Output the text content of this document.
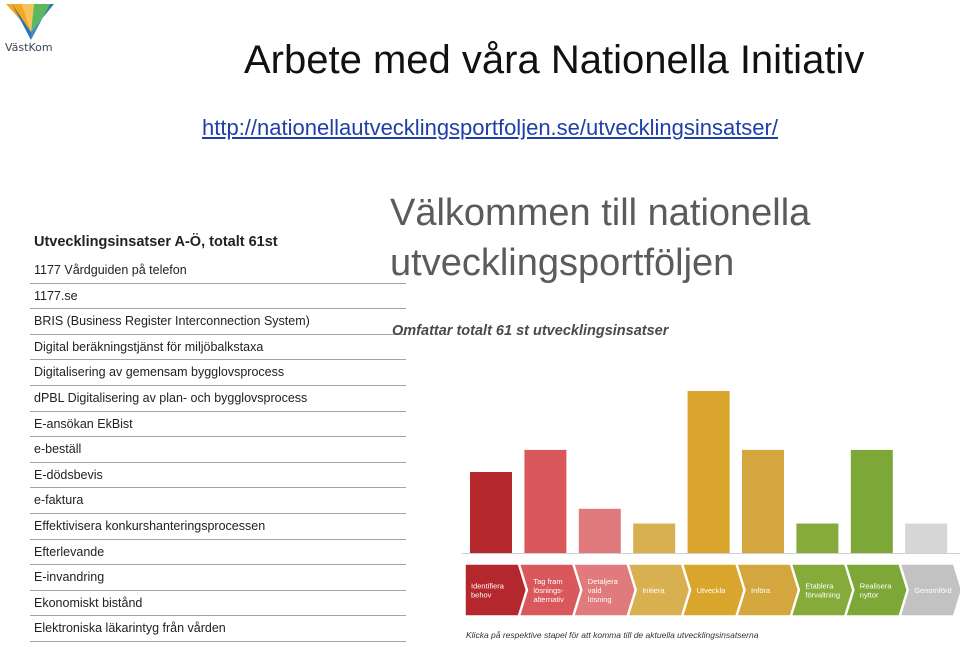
VästKom	Arbete med våra Nationella Initiativ
http://nationellautvecklingsportfoljen.se/utvecklingsinsatser/
Utvecklingsinsatser A-Ö, totalt 61st
1177 Vårdguiden på telefon
1177.se
BRIS (Business Register Interconnection System)
Digital beräkningstjänst för miljöbalkstaxa
Digitalisering av gemensam bygglovsprocess
dPBL Digitalisering av plan- och bygglovsprocess
E-ansökan EkBist
e-beställ
E-dödsbevis
e-faktura
Effektivisera konkurshanteringsprocessen
Efterlevande
E-invandring
Ekonomiskt bistånd
Elektroniska läkarintyg från vården
Välkommen till nationella
utvecklingsportföljen
Omfattar totalt 61 st utvecklingsinsatser
Identifiera behov
Tag fram lösnings-alternativ
Detaljera vald lösning
Initiera	Utveckla	Införa	Etablera förvaltning
Realisera nyttor	Genomförd
Klicka på respektive stapel för att komma till de aktuella utvecklingsinsatserna
